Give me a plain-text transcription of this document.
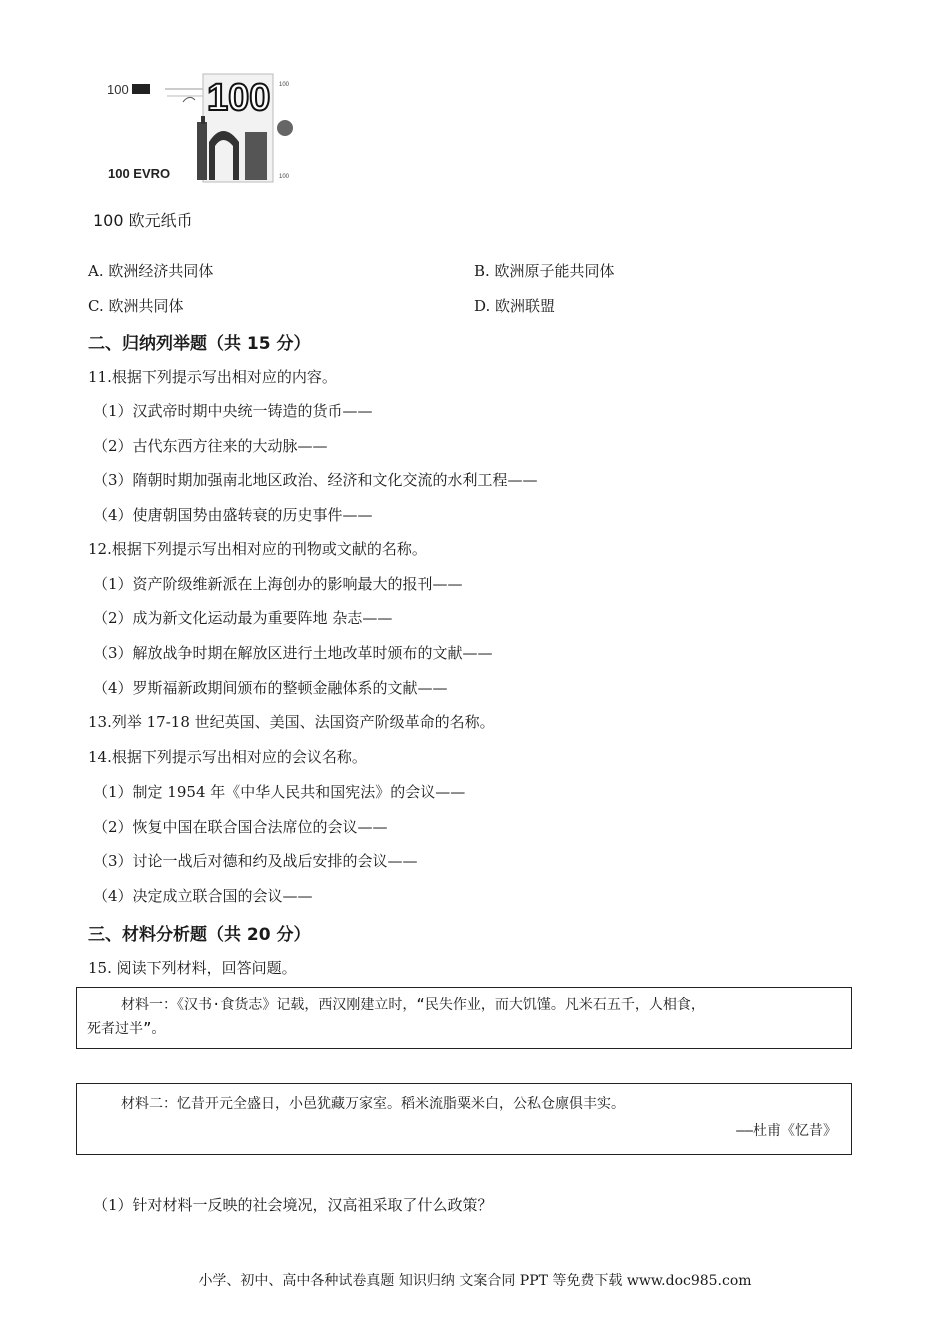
100 100 100
100
100 EVRO
100 欧元纸币
A. 欧洲经济共同体	B. 欧洲原子能共同体
C. 欧洲共同体	D. 欧洲联盟
二、归纳列举题（共 15 分）
11.根据下列提示写出相对应的内容。
（1）汉武帝时期中央统一铸造的货币——
（2）古代东西方往来的大动脉——
（3）隋朝时期加强南北地区政治、经济和文化交流的水利工程——
（4）使唐朝国势由盛转衰的历史事件——
12.根据下列提示写出相对应的刊物或文献的名称。
（1）资产阶级维新派在上海创办的影响最大的报刊——
（2）成为新文化运动最为重要阵地 杂志——
（3）解放战争时期在解放区进行土地改革时颁布的文献——
（4）罗斯福新政期间颁布的整顿金融体系的文献——
13.列举 17-18 世纪英国、美国、法国资产阶级革命的名称。
14.根据下列提示写出相对应的会议名称。
（1）制定 1954 年《中华人民共和国宪法》的会议——
（2）恢复中国在联合国合法席位的会议——
（3）讨论一战后对德和约及战后安排的会议——
（4）决定成立联合国的会议——
三、材料分析题（共 20 分）
15. 阅读下列材料，回答问题。
材料一：《汉书·食货志》记载，西汉刚建立时，“民失作业，而大饥馑。凡米石五千，人相食，
死者过半”。
材料二：忆昔开元全盛日，小邑犹藏万家室。稻米流脂粟米白，公私仓廪俱丰实。
——杜甫《忆昔》
（1）针对材料一反映的社会境况，汉高祖采取了什么政策？
小学、初中、高中各种试卷真题 知识归纳 文案合同 PPT 等免费下载 www.doc985.com
